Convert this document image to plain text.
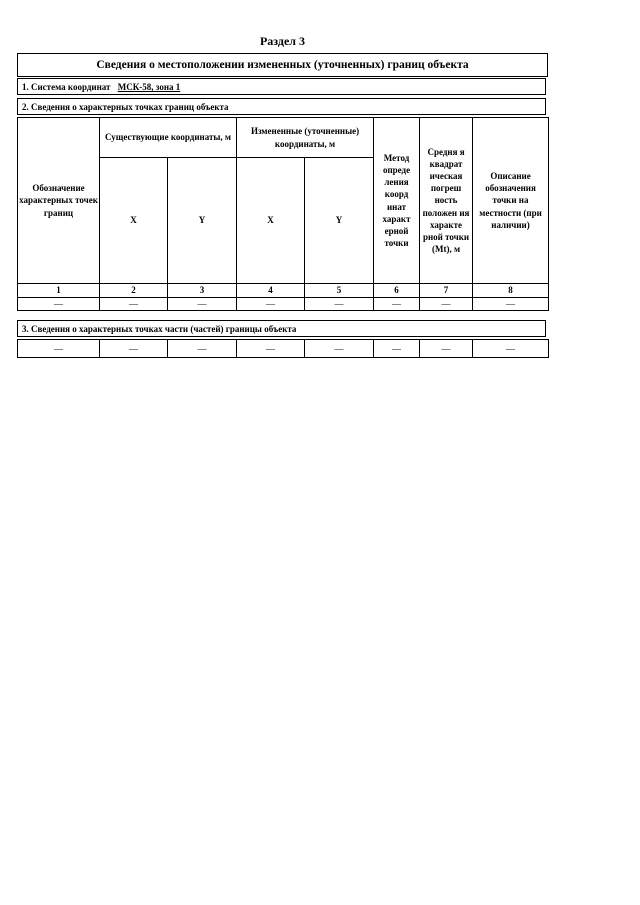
Раздел 3
Сведения о местоположении измененных (уточненных) границ объекта
1. Система координат МСК-58, зона 1
2. Сведения о характерных точках границ объекта
Обозначение характерных точек границ	Существующие координаты, м		Измененные (уточненные) координаты, м		Метод опреде ления коорд инат характ ерной точки	Средня я квадрат ическая погреш ность положен ия характе рной точки (Mt), м	Описание обозначения точки на местности (при наличии)
	X	Y	X	Y			
1	2	3	4	5	6	7	8
—	—	—	—	—	—	—	—
3. Сведения о характерных точках части (частей) границы объекта
—	—	—	—	—	—	—	—
